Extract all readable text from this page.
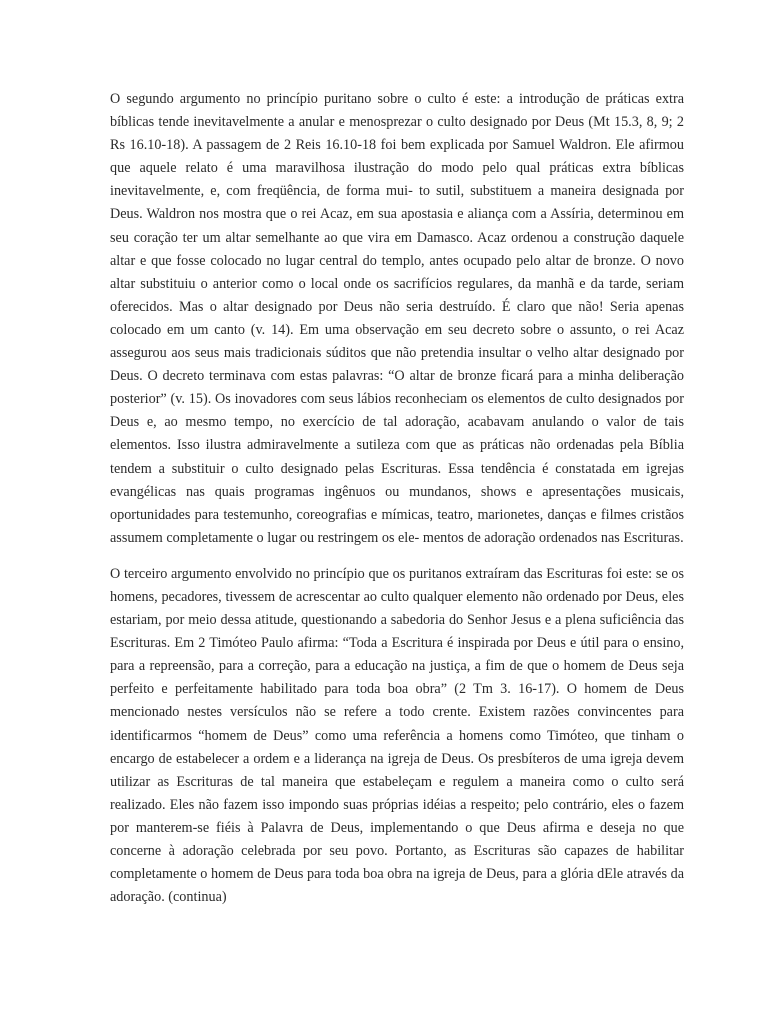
O segundo argumento no princípio puritano sobre o culto é este: a introdução de práticas extra bíblicas tende inevitavelmente a anular e menosprezar o culto designado por Deus (Mt 15.3, 8, 9; 2 Rs 16.10-18). A passagem de 2 Reis 16.10-18 foi bem explicada por Samuel Waldron. Ele afirmou que aquele relato é uma maravilhosa ilustração do modo pelo qual práticas extra bíblicas inevitavelmente, e, com freqüência, de forma mui- to sutil, substituem a maneira designada por Deus. Waldron nos mostra que o rei Acaz, em sua apostasia e aliança com a Assíria, determinou em seu coração ter um altar semelhante ao que vira em Damasco. Acaz ordenou a construção daquele altar e que fosse colocado no lugar central do templo, antes ocupado pelo altar de bronze. O novo altar substituiu o anterior como o local onde os sacrifícios regulares, da manhã e da tarde, seriam oferecidos. Mas o altar designado por Deus não seria destruído. É claro que não! Seria apenas colocado em um canto (v. 14). Em uma observação em seu decreto sobre o assunto, o rei Acaz assegurou aos seus mais tradicionais súditos que não pretendia insultar o velho altar designado por Deus. O decreto terminava com estas palavras: “O altar de bronze ficará para a minha deliberação posterior” (v. 15). Os inovadores com seus lábios reconheciam os elementos de culto designados por Deus e, ao mesmo tempo, no exercício de tal adoração, acabavam anulando o valor de tais elementos. Isso ilustra admiravelmente a sutileza com que as práticas não ordenadas pela Bíblia tendem a substituir o culto designado pelas Escrituras. Essa tendência é constatada em igrejas evangélicas nas quais programas ingênuos ou mundanos, shows e apresentações musicais, oportunidades para testemunho, coreografias e mímicas, teatro, marionetes, danças e filmes cristãos assumem completamente o lugar ou restringem os ele- mentos de adoração ordenados nas Escrituras.

O terceiro argumento envolvido no princípio que os puritanos extraíram das Escrituras foi este: se os homens, pecadores, tivessem de acrescentar ao culto qualquer elemento não ordenado por Deus, eles estariam, por meio dessa atitude, questionando a sabedoria do Senhor Jesus e a plena suficiência das Escrituras. Em 2 Timóteo Paulo afirma: “Toda a Escritura é inspirada por Deus e útil para o ensino, para a repreensão, para a correção, para a educação na justiça, a fim de que o homem de Deus seja perfeito e perfeitamente habilitado para toda boa obra” (2 Tm 3. 16-17). O homem de Deus mencionado nestes versículos não se refere a todo crente. Existem razões convincentes para identificarmos “homem de Deus” como uma referência a homens como Timóteo, que tinham o encargo de estabelecer a ordem e a liderança na igreja de Deus. Os presbíteros de uma igreja devem utilizar as Escrituras de tal maneira que estabeleçam e regulem a maneira como o culto será realizado. Eles não fazem isso impondo suas próprias idéias a respeito; pelo contrário, eles o fazem por manterem-se fiéis à Palavra de Deus, implementando o que Deus afirma e deseja no que concerne à adoração celebrada por seu povo. Portanto, as Escrituras são capazes de habilitar completamente o homem de Deus para toda boa obra na igreja de Deus, para a glória dEle através da adoração. (continua)
